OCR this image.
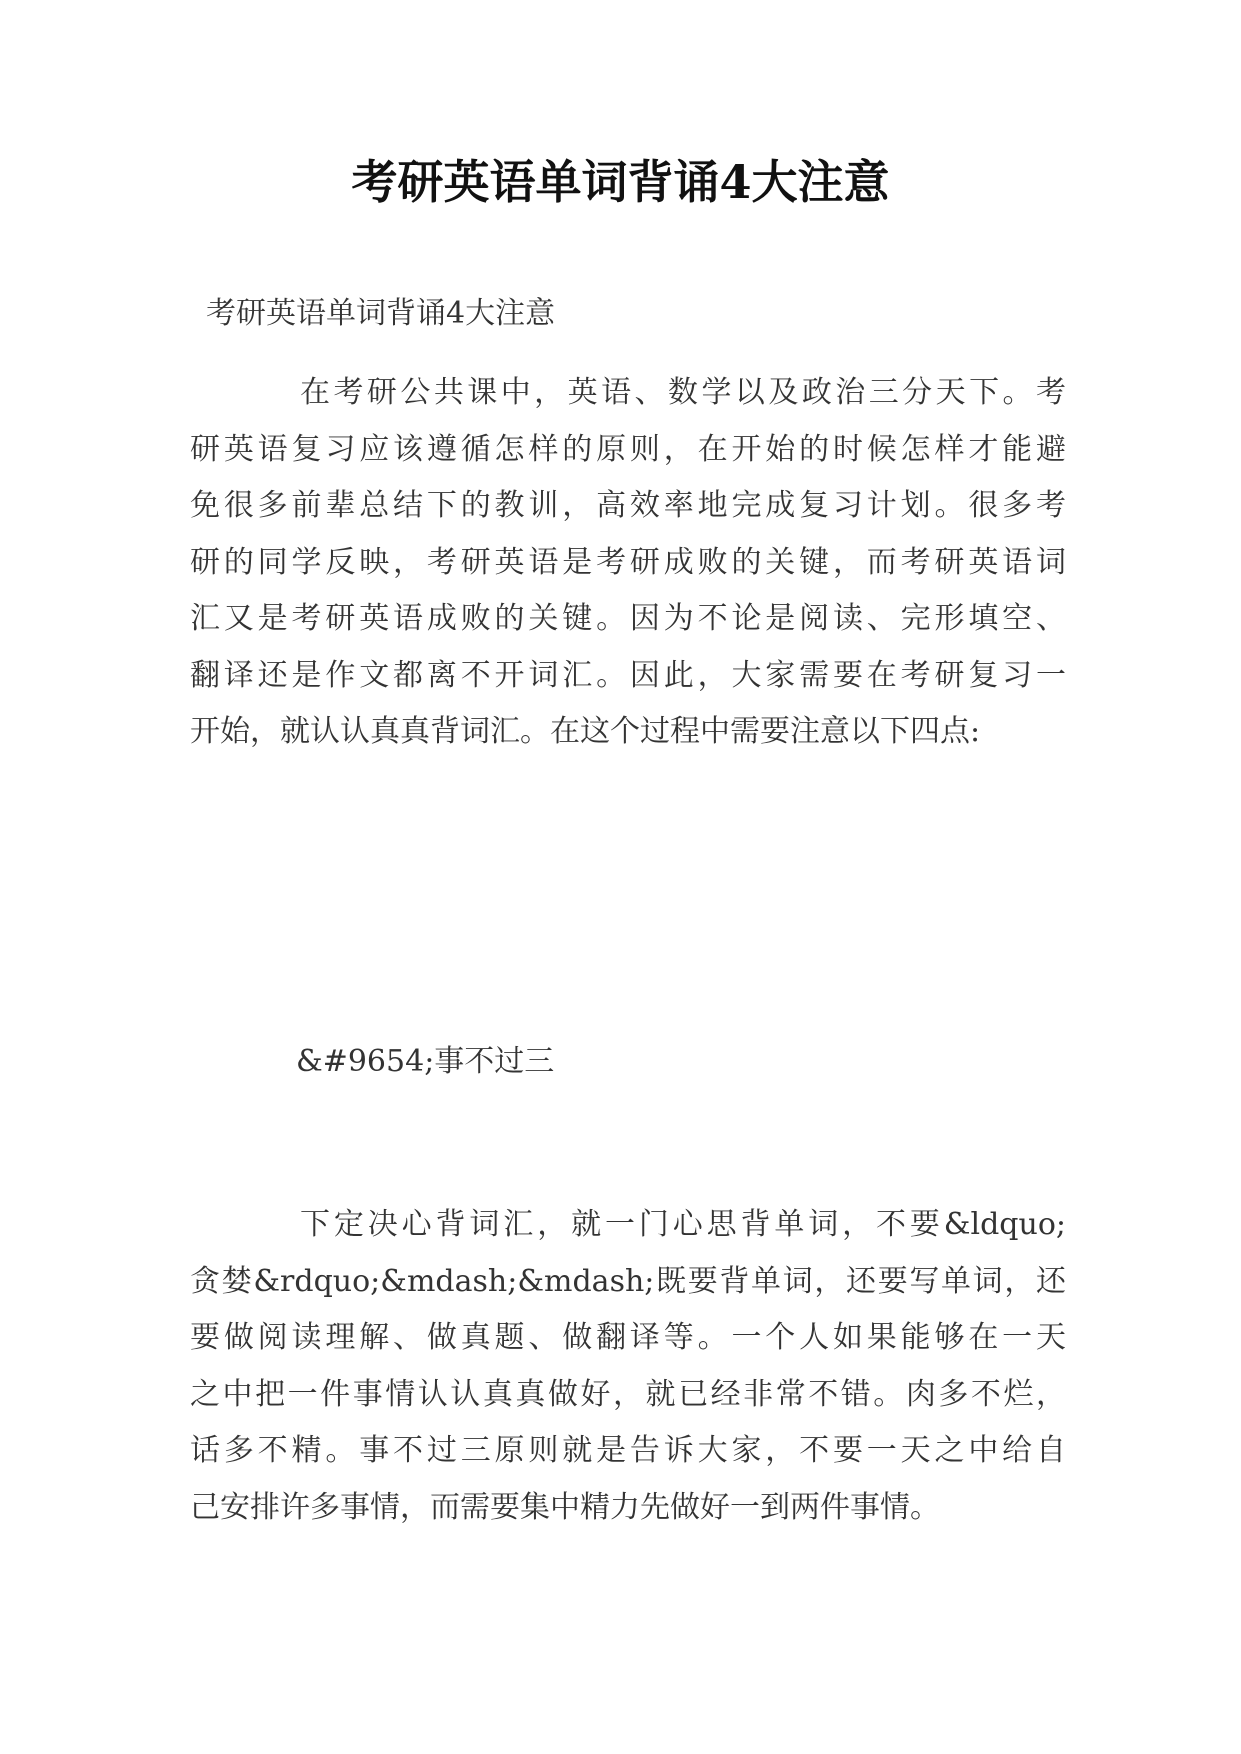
考研英语单词背诵4大注意

考研英语单词背诵4大注意

在考研公共课中，英语、数学以及政治三分天下。考
研英语复习应该遵循怎样的原则，在开始的时候怎样才能避
免很多前辈总结下的教训，高效率地完成复习计划。很多考
研的同学反映，考研英语是考研成败的关键，而考研英语词
汇又是考研英语成败的关键。因为不论是阅读、完形填空、
翻译还是作文都离不开词汇。因此，大家需要在考研复习一
开始，就认认真真背词汇。在这个过程中需要注意以下四点:

&#9654;事不过三

下定决心背词汇，就一门心思背单词，不要&ldquo;
贪婪&rdquo;&mdash;&mdash;既要背单词，还要写单词，还
要做阅读理解、做真题、做翻译等。一个人如果能够在一天
之中把一件事情认认真真做好，就已经非常不错。肉多不烂，
话多不精。事不过三原则就是告诉大家，不要一天之中给自
己安排许多事情，而需要集中精力先做好一到两件事情。
